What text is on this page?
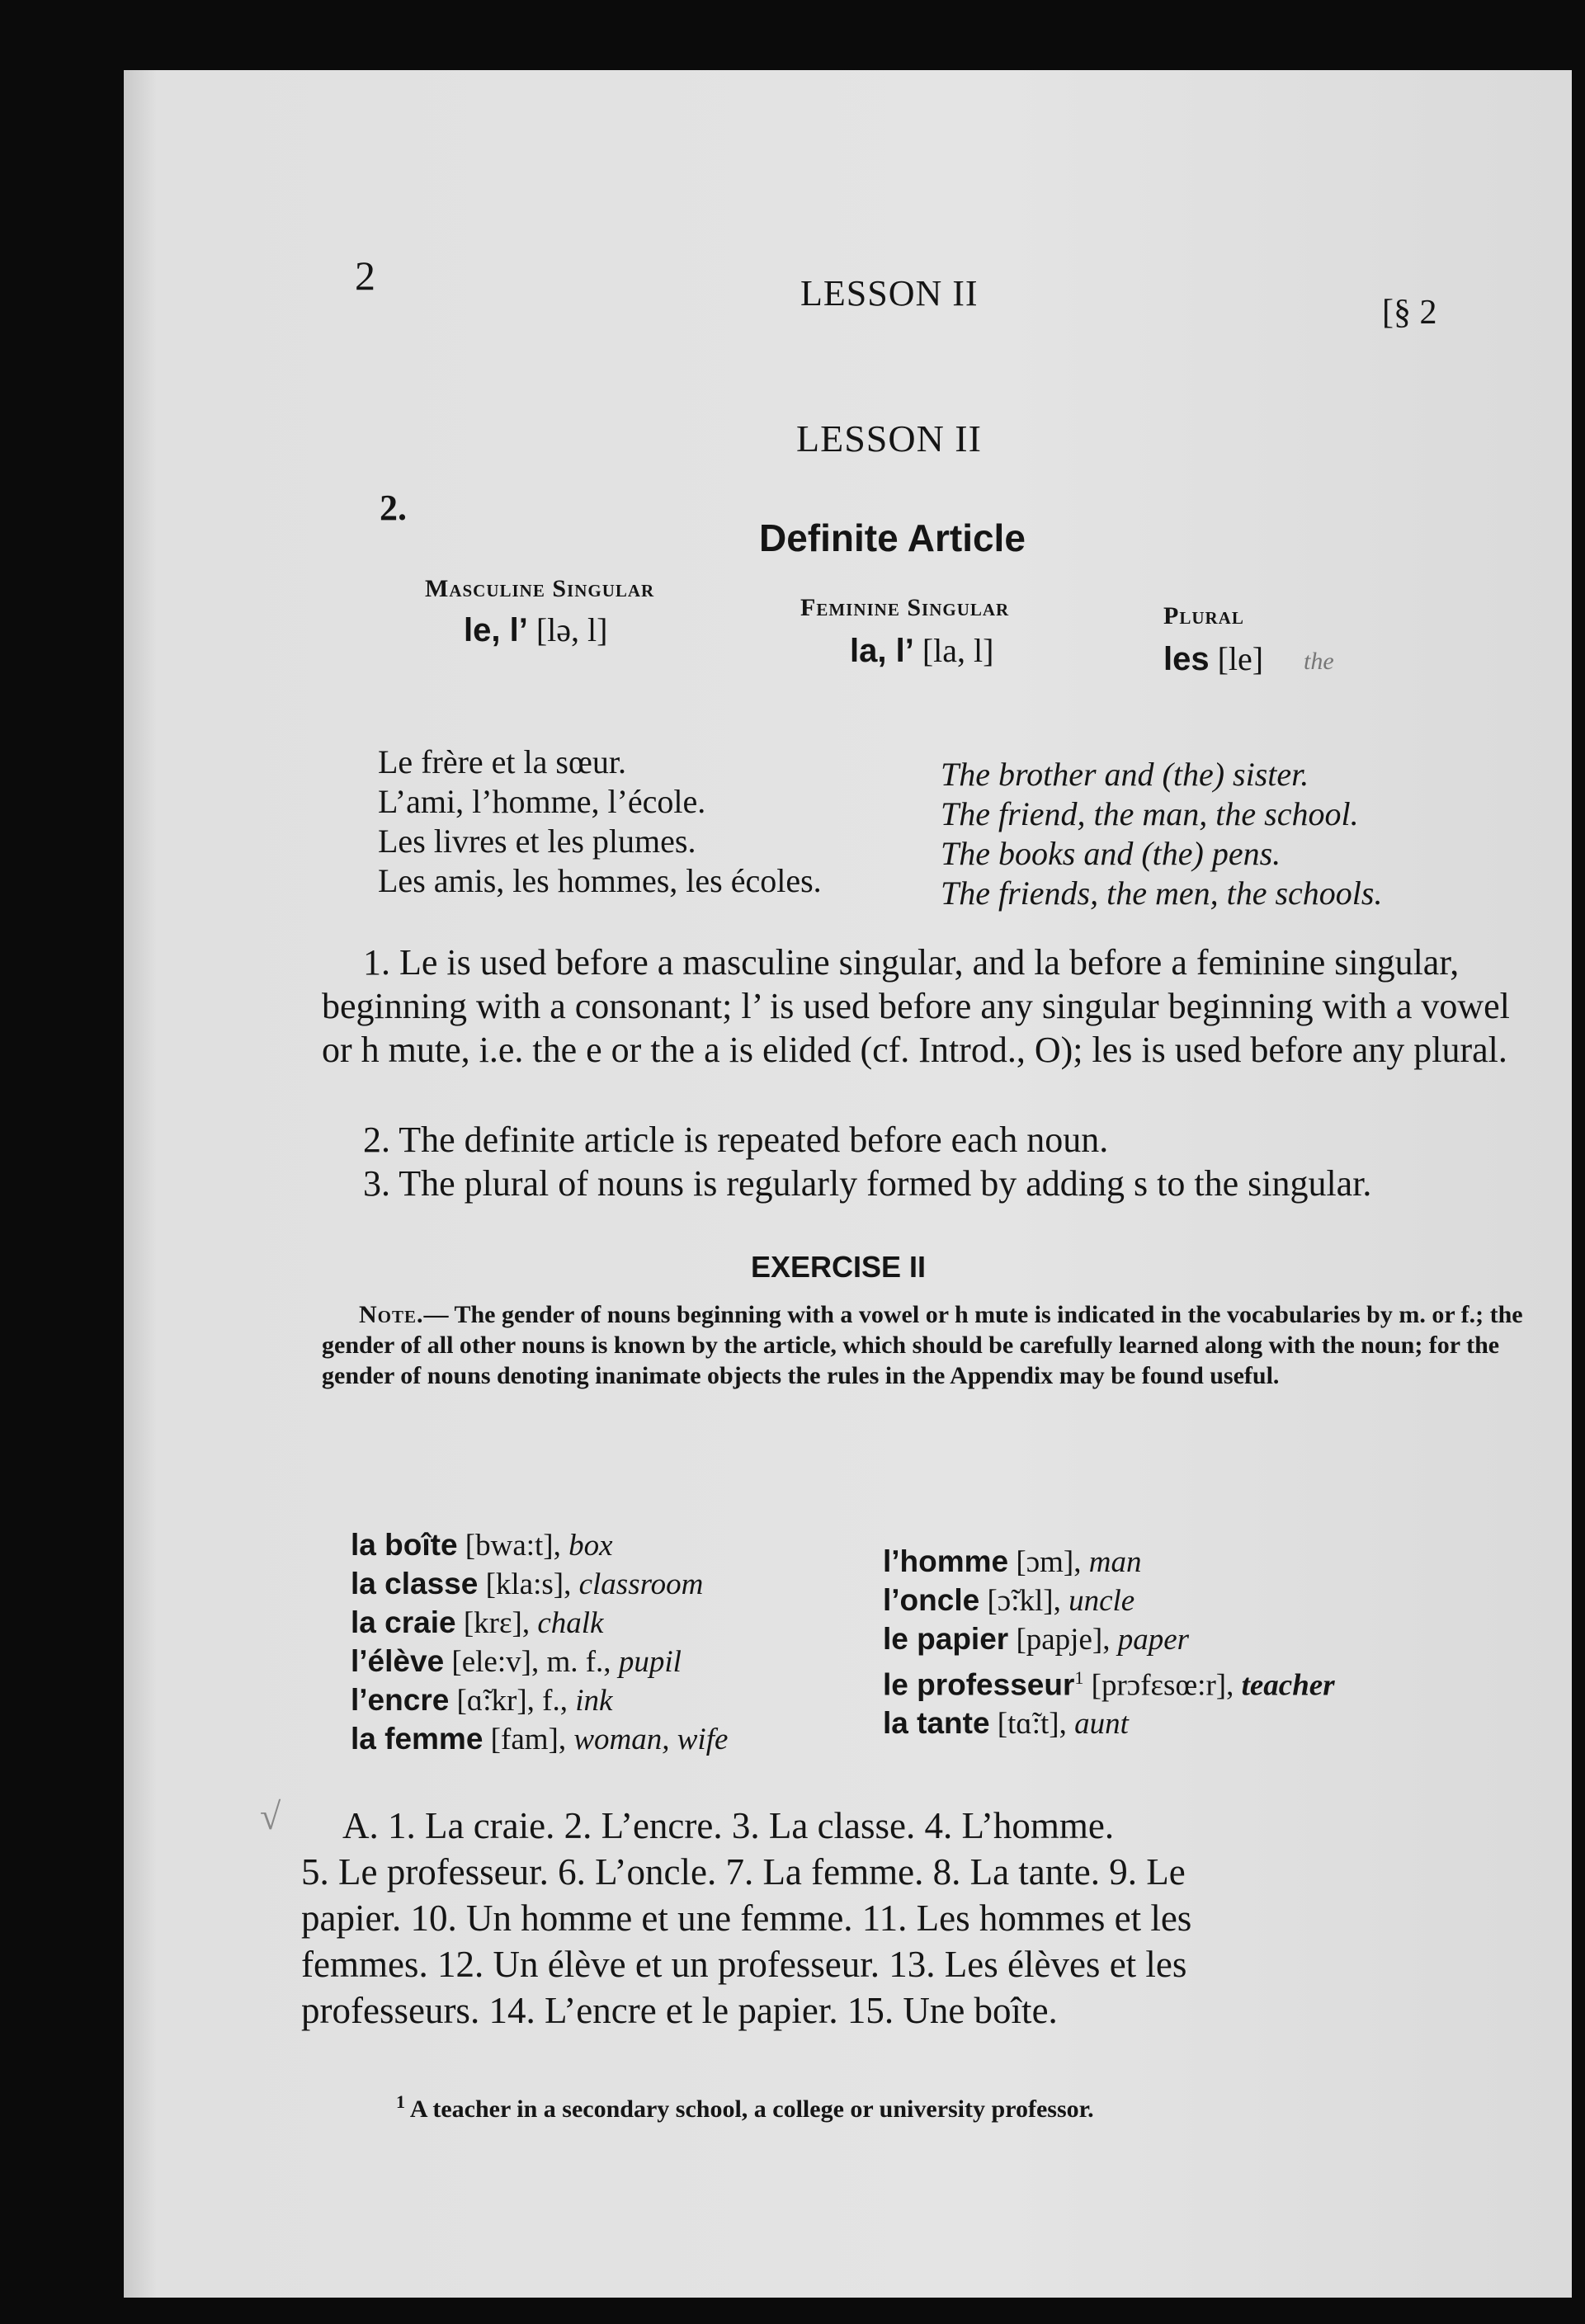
2	LESSON II	[§ 2
LESSON II
2.
Definite Article
Masculine Singular
le, l’ [lə, l]
Feminine Singular
la, l’ [la, l]
Plural
les [le] the
Le frère et la sœur.
L’ami, l’homme, l’école.
Les livres et les plumes.
Les amis, les hommes, les écoles.
The brother and (the) sister.
The friend, the man, the school.
The books and (the) pens.
The friends, the men, the schools.
1. Le is used before a masculine singular, and la before a feminine singular, beginning with a consonant; l’ is used before any singular beginning with a vowel or h mute, i.e. the e or the a is elided (cf. Introd., O); les is used before any plural.
2. The definite article is repeated before each noun.
3. The plural of nouns is regularly formed by adding s to the singular.
EXERCISE II
Note.— The gender of nouns beginning with a vowel or h mute is indicated in the vocabularies by m. or f.; the gender of all other nouns is known by the article, which should be carefully learned along with the noun; for the gender of nouns denoting inanimate objects the rules in the Appendix may be found useful.
la boîte [bwa:t], box
la classe [kla:s], classroom
la craie [krɛ], chalk
l’élève [ele:v], m. f., pupil
l’encre [ɑ̃:kr], f., ink
la femme [fam], woman, wife
l’homme [ɔm], man
l’oncle [ɔ̃:kl], uncle
le papier [papje], paper
le professeur$^1$ [prɔfɛsœ:r], teacher
la tante [tɑ̃:t], aunt
√ A. 1. La craie. 2. L’encre. 3. La classe. 4. L’homme.
5. Le professeur. 6. L’oncle. 7. La femme. 8. La tante. 9. Le
papier. 10. Un homme et une femme. 11. Les hommes et les
femmes. 12. Un élève et un professeur. 13. Les élèves et les
professeurs. 14. L’encre et le papier. 15. Une boîte.
$^1$ A teacher in a secondary school, a college or university professor.
